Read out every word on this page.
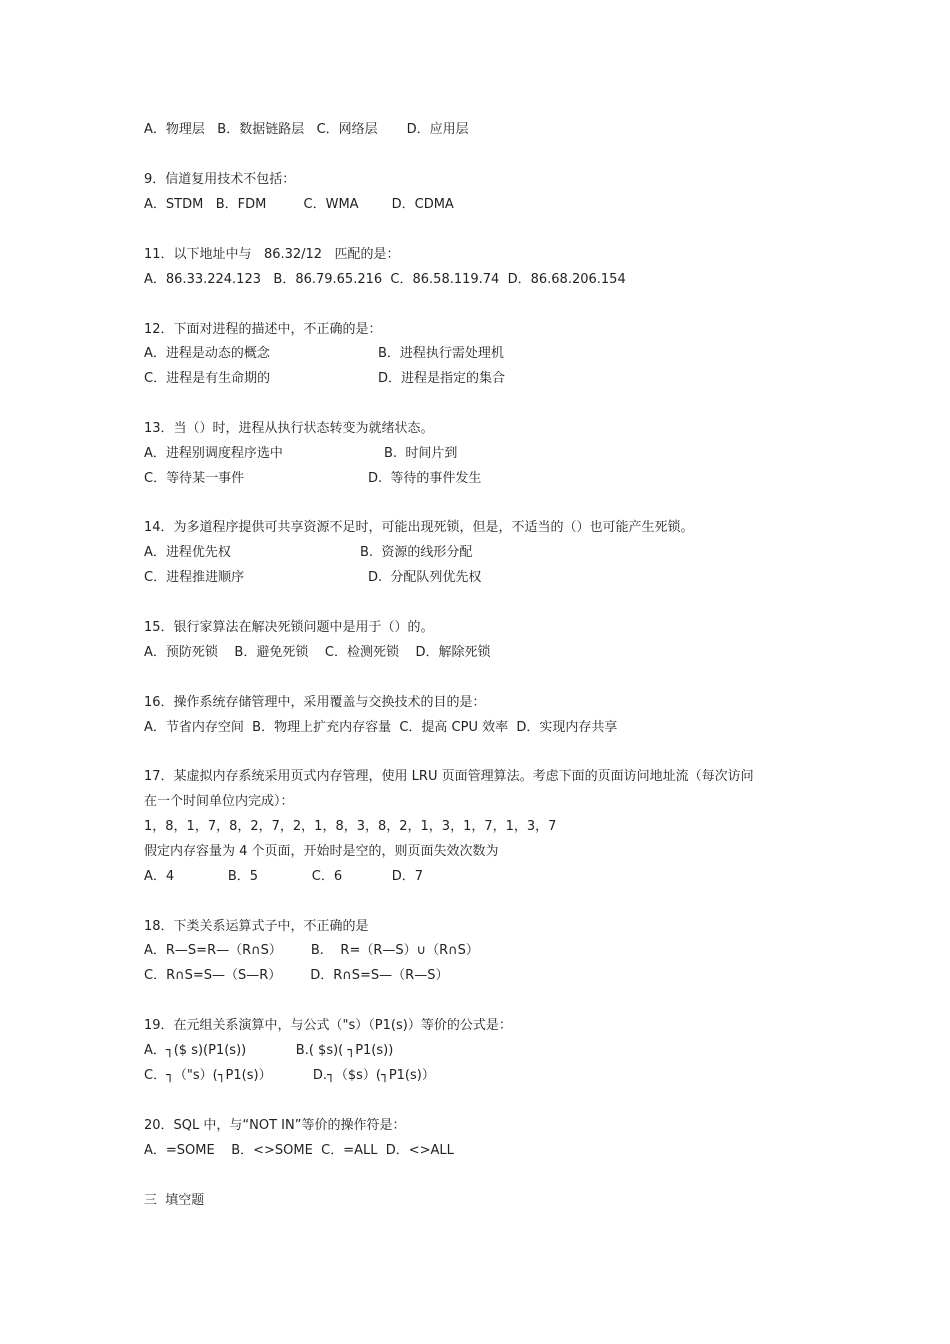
A．物理层   B．数据链路层   C．网络层       D．应用层
9．信道复用技术不包括：
A．STDM   B．FDM         C．WMA        D．CDMA
11．以下地址中与   86.32/12   匹配的是：
A．86.33.224.123   B．86.79.65.216  C．86.58.119.74  D．86.68.206.154
12．下面对进程的描述中，不正确的是：
A．进程是动态的概念	B．进程执行需处理机
C．进程是有生命期的	D．进程是指定的集合
13．当（）时，进程从执行状态转变为就绪状态。
A．进程别调度程序选中	B.  时间片到
C．等待某一事件	D.  等待的事件发生
14．为多道程序提供可共享资源不足时，可能出现死锁，但是，不适当的（）也可能产生死锁。
A．进程优先权	B.  资源的线形分配
C．进程推进顺序	D.  分配队列优先权
15．银行家算法在解决死锁问题中是用于（）的。
A．预防死锁    B．避免死锁    C．检测死锁    D．解除死锁
16．操作系统存储管理中，采用覆盖与交换技术的目的是：
A．节省内存空间  B．物理上扩充内存容量  C．提高 CPU 效率  D．实现内存共享
17．某虚拟内存系统采用页式内存管理，使用 LRU 页面管理算法。考虑下面的页面访问地址流（每次访问
在一个时间单位内完成）：
1，8，1，7，8，2，7，2，1，8，3，8，2，1，3，1，7，1，3，7
假定内存容量为 4 个页面，开始时是空的，则页面失效次数为
A．4             B．5             C．6            D．7
18．下类关系运算式子中，不正确的是
A．R—S=R—（R∩S）       B.    R=（R—S）∪（R∩S）
C．R∩S=S—（S—R）       D．R∩S=S—（R—S）
19．在元组关系演算中，与公式（"s）（P1(s)）等价的公式是：
A．┐($ s)(P1(s))            B.( $s)( ┐P1(s))
C．┐（"s）(┐P1(s)）          D.┐（$s）(┐P1(s)）
20．SQL 中，与“NOT IN”等价的操作符是：
A．=SOME    B．<>SOME  C．=ALL  D．<>ALL
三  填空题
